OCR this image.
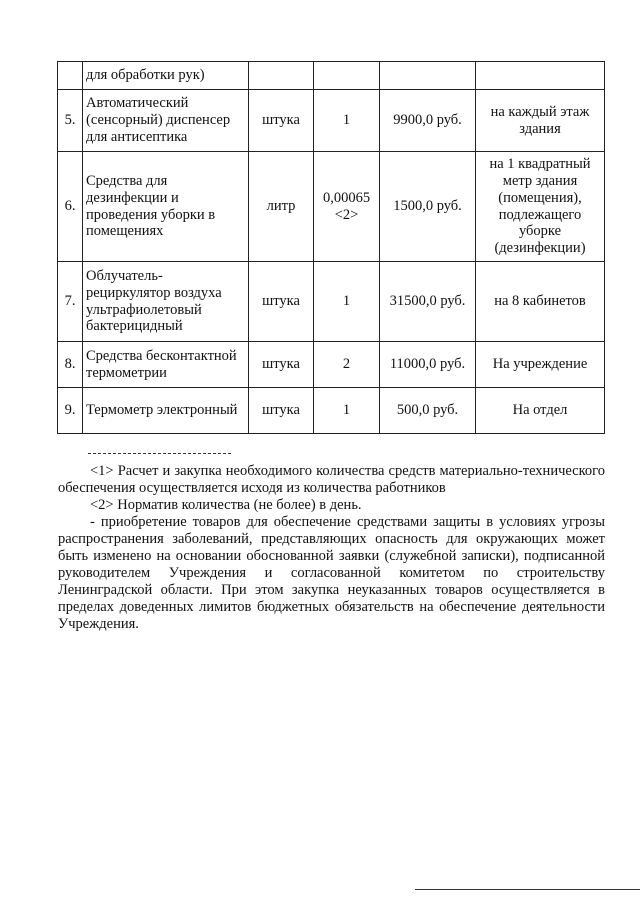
	для обработки рук)				
5.	Автоматический (сенсорный) диспенсер для антисептика	штука	1	9900,0 руб.	на каждый этаж здания
6.	Средства для дезинфекции и проведения уборки в помещениях	литр	0,00065 <2>	1500,0 руб.	на 1 квадратный метр здания (помещения), подлежащего уборке (дезинфекции)
7.	Облучатель-рециркулятор воздуха ультрафиолетовый бактерицидный	штука	1	31500,0 руб.	на 8 кабинетов
8.	Средства бесконтактной термометрии	штука	2	11000,0 руб.	На учреждение
9.	Термометр электронный	штука	1	500,0 руб.	На отдел

<1> Расчет и закупка необходимого количества средств материально-технического обеспечения осуществляется исходя из количества работников

<2> Норматив количества (не более) в день.

- приобретение товаров для обеспечение средствами защиты в условиях угрозы распространения заболеваний, представляющих опасность для окружающих может быть изменено на основании обоснованной заявки (служебной записки), подписанной руководителем Учреждения и согласованной комитетом по строительству Ленинградской области. При этом закупка неуказанных товаров осуществляется в пределах доведенных лимитов бюджетных обязательств на обеспечение деятельности Учреждения.
